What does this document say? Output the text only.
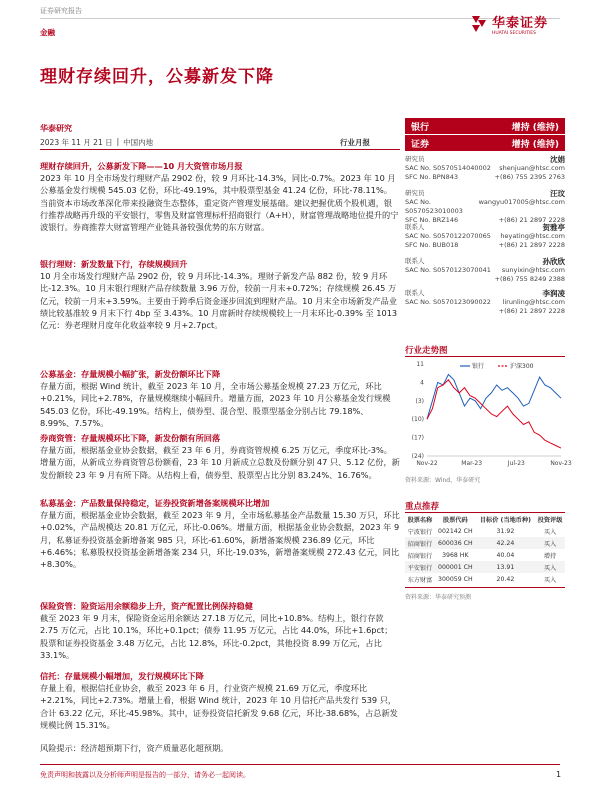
证券研究报告
金融
华泰证券
HUATAI SECURITIES
理财存续回升，公募新发下降
华泰研究
2023 年 11 月 21 日 | 中国内地	行业月报
银行	增持 (维持)
证券	增持 (维持)
研究员	沈娟
SAC No. S0570514040002 shenjuan@htsc.com
SFC No. BPN843	+(86) 755 2395 2763
研究员	汪玟
SAC No. S0570523010003
wangyu017005@htsc.com
SFC No. BRZ146	+(86) 21 2897 2228
联系人	贺雅亭
SAC No. S0570122070065 heyating@htsc.com
SFC No. BUB018	+(86) 21 2897 2228
联系人	孙欣欣
SAC No. S0570123070041 sunyixin@htsc.com
+(86) 755 8249 2388
联系人	李润凌
SAC No. S0570123090022 lirunling@htsc.com
+(86) 21 2897 2228
行业走势图
11
4
(3)
(10)
(17)
(24)
Nov-22	Mar-23	Jul-23	Nov-23
银行	沪深300
资料来源：Wind，华泰研究
重点推荐
股票名称	股票代码	目标价 (当地币种)	投资评级
宁波银行	002142 CH	31.92	买入
招商银行	600036 CH	42.24	买入
招商银行	3968 HK	40.04	增持
平安银行	000001 CH	13.91	买入
东方财富	300059 CH	20.42	买入
资料来源：华泰研究预测
理财存续回升，公募新发下降——10 月大资管市场月报
2023 年 10 月全市场发行理财产品 2902 份，较 9 月环比-14.3%，同比-0.7%。2023 年 10 月公募基金发行规模 545.03 亿份，环比-49.19%，其中股票型基金 41.24 亿份，环比-78.11%。当前资本市场改革深化带来投融资生态整体，重定资产管理发展基础。建议把握优质个股机遇，银行推荐战略再升级的平安银行，零售及财富管理标杆招商银行（A+H），财富管理战略地位提升的宁波银行。券商推荐大财富管理产业链具备较强优势的东方财富。
银行理财：新发数量下行，存续规模回升
10 月全市场发行理财产品 2902 份，较 9 月环比-14.3%。理财子新发产品 882 份，较 9 月环比-12.3%。10 月末银行理财产品存续数量 3.96 万份，较前一月末+0.72%；存续规模 26.45 万亿元，较前一月末+3.59%。主要由于跨季后资金逐步回流到理财产品。10 月末全市场新发产品业绩比较基准较 9 月末下行 4bp 至 3.43%。10 月席新时存续规模较上一月末环比-0.39% 至 1013 亿元：券老理财月度年化收益率较 9 月+2.7pct。
公募基金：存量规模小幅扩张，新发份额环比下降
存量方面，根据 Wind 统计，截至 2023 年 10 月，全市场公募基金规模 27.23 万亿元，环比+0.21%，同比+2.78%，存量规模继续小幅回升。增量方面，2023 年 10 月公募基金发行规模 545.03 亿份，环比-49.19%。结构上，债券型、混合型、股票型基金分别占比 79.18%、8.99%、7.57%。
券商资管：存量规模环比下降，新发份额有所回落
存量方面，根据基金业协会数据，截至 23 年 6 月，券商资管规模 6.25 万亿元，季度环比-3%。增量方面，从新成立券商资管总份额看，23 年 10 月新成立总数及份额分别 47 只、5.12 亿份，新发份额较 23 年 9 月有所下降。从结构上看，债券型、股票型占比分别 83.24%、16.76%。
私募基金：产品数量保持稳定，证券投资新增备案规模环比增加
存量方面，根据基金业协会数据，截至 2023 年 9 月，全市场私募基金产品数量 15.30 万只，环比+0.02%，产品规模达 20.81 万亿元，环比-0.06%。增量方面，根据基金业协会数据，2023 年 9 月，私募证券投资基金新增备案 985 只，环比-61.60%，新增备案规模 236.89 亿元，环比+6.46%；私募股权投资基金新增备案 234 只，环比-19.03%，新增备案规模 272.43 亿元，同比+8.30%。
保险资管：险资运用余额稳步上升，资产配置比例保持稳健
截至 2023 年 9 月末，保险资金运用余额达 27.18 万亿元，同比+10.8%。结构上，银行存款 2.75 万亿元，占比 10.1%，环比+0.1pct；债券 11.95 万亿元，占比 44.0%，环比+1.6pct；股票和证券投资基金 3.48 万亿元，占比 12.8%，环比-0.2pct，其他投资 8.99 万亿元，占比 33.1%。
信托：存量规模小幅增加，发行规模环比下降
存量上看，根据信托业协会，截至 2023 年 6 月，行业资产规模 21.69 万亿元，季度环比+2.21%，同比+2.73%。增量上看，根据 Wind 统计，2023 年 10 月信托产品共发行 539 只，合计 63.22 亿元，环比-45.98%。其中，证券投资信托新发 9.68 亿元，环比-38.68%，占总新发规模比例 15.31%。
风险提示：经济超预期下行，资产质量恶化超预期。
免责声明和披露以及分析师声明是报告的一部分，请务必一起阅读。	1
